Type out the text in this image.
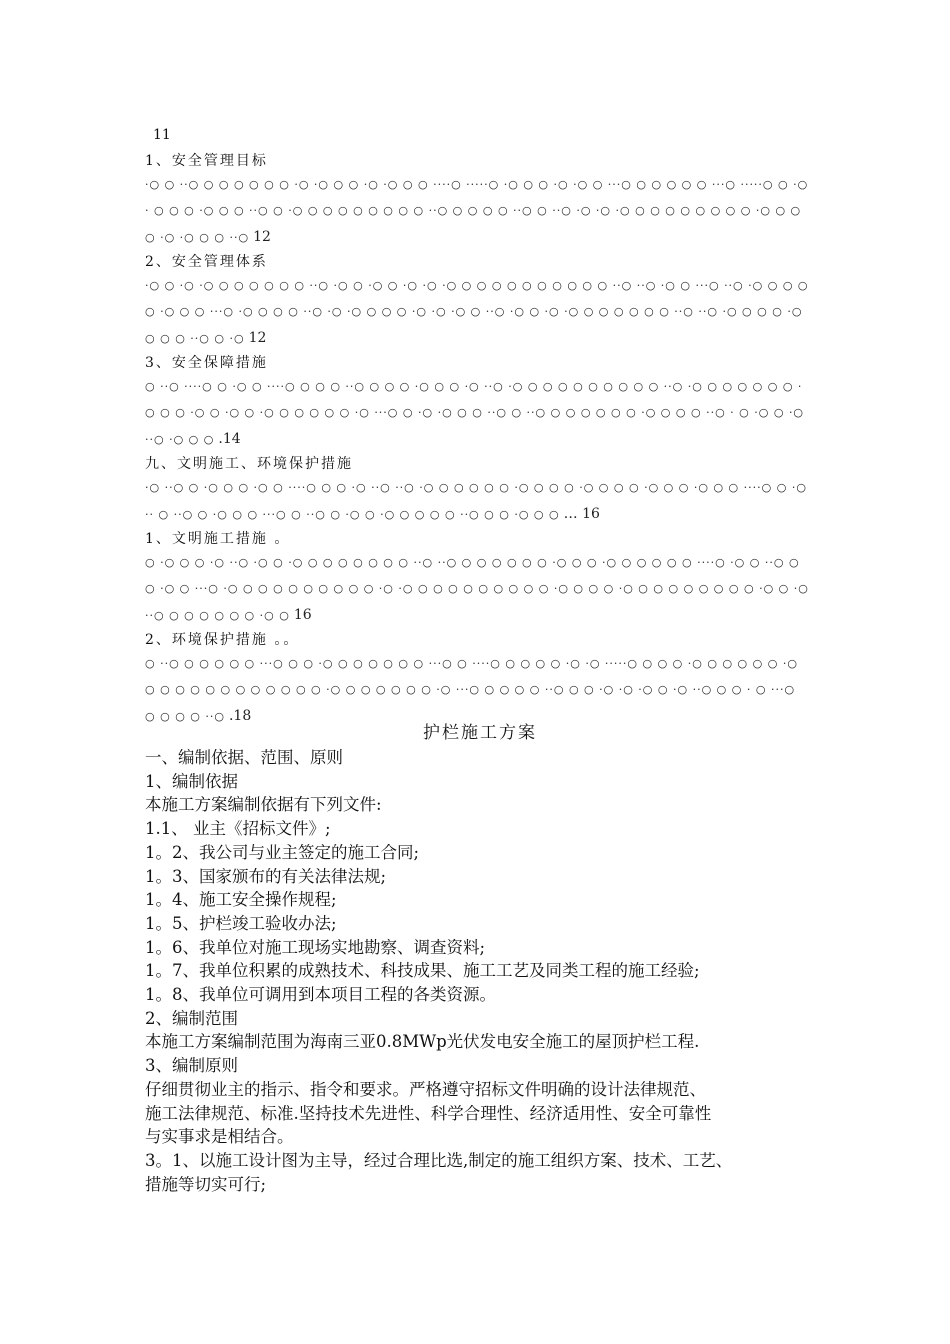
11
1、安全管理目标

·○ ○ ··○ ○ ○ ○ ○ ○ ○ ·○ ·○ ○ ○ ·○ ·○ ○ ○ ····○ ·····○ ·○ ○ ○ ·○ ·○ ○ ···○ ○ ○ ○ ○ ○ ···○ ·····○ ○ ·○ · ○ ○ ○ ·○ ○ ○ ··○ ○ ·○ ○ ○ ○ ○ ○ ○ ○ ○ ··○ ○ ○ ○ ○ ··○ ○ ··○ ·○ ·○ ·○ ○ ○ ○ ○ ○ ○ ○ ○ ·○ ○ ○ ○ ·○ ·○ ○ ○ ··○ 12

2、安全管理体系

·○ ○ ·○ ·○ ○ ○ ○ ○ ○ ○ ··○ ·○ ○ ·○ ○ ·○ ·○ ·○ ○ ○ ○ ○ ○ ○ ○ ○ ○ ○ ··○ ··○ ·○ ○ ···○ ··○ ·○ ○ ○ ○ ○ ·○ ○ ○ ···○ ·○ ○ ○ ○ ··○ ·○ ·○ ○ ○ ○ ·○ ·○ ·○ ○ ··○ ·○ ○ ·○ ·○ ○ ○ ○ ○ ○ ○ ··○ ··○ ·○ ○ ○ ○ ·○ ○ ○ ○ ··○ ○ ·○ 12

3、安全保障措施

○ ··○ ····○ ○ ·○ ○ ····○ ○ ○ ○ ··○ ○ ○ ○ ·○ ○ ○ ·○ ··○ ·○ ○ ○ ○ ○ ○ ○ ○ ○ ○ ··○ ·○ ○ ○ ○ ○ ○ ○ ·○ ○ ○ ·○ ○ ·○ ○ ·○ ○ ○ ○ ○ ○ ·○ ···○ ○ ·○ ·○ ○ ○ ··○ ○ ··○ ○ ○ ○ ○ ○ ○ ·○ ○ ○ ○ ··○ · ○ ·○ ○ ·○ ··○ ·○ ○ ○ .14

九、文明施工、环境保护措施

·○ ··○ ○ ·○ ○ ○ ·○ ○ ····○ ○ ○ ·○ ··○ ··○ ·○ ○ ○ ○ ○ ○ ·○ ○ ○ ○ ·○ ○ ○ ○ ·○ ○ ○ ·○ ○ ○ ····○ ○ ·○ ·· ○ ··○ ○ ·○ ○ ○ ···○ ○ ··○ ○ ·○ ○ ·○ ○ ○ ○ ○ ··○ ○ ○ ·○ ○ ○ … 16

1、文明施工措施 。

○ ·○ ○ ○ ·○ ··○ ·○ ○ ·○ ○ ○ ○ ○ ○ ○ ○ ··○ ··○ ○ ○ ○ ○ ○ ○ ·○ ○ ○ ·○ ○ ○ ○ ○ ○ ····○ ·○ ○ ··○ ○ ○ ·○ ○ ···○ ·○ ○ ○ ○ ○ ○ ○ ○ ○ ○ ·○ ·○ ○ ○ ○ ○ ○ ○ ○ ○ ○ ·○ ○ ○ ○ ·○ ○ ○ ○ ○ ○ ○ ○ ○ ·○ ○ ·○ ··○ ○ ○ ○ ○ ○ ○ ·○ ○ 16

2、环境保护措施 。。

○ ··○ ○ ○ ○ ○ ○ ···○ ○ ○ ·○ ○ ○ ○ ○ ○ ○ ···○ ○ ····○ ○ ○ ○ ○ ·○ ·○ ·····○ ○ ○ ○ ·○ ○ ○ ○ ○ ○ ·○ ○ ○ ○ ○ ○ ○ ○ ○ ○ ○ ○ ○ ·○ ○ ○ ○ ○ ○ ○ ·○ ···○ ○ ○ ○ ○ ··○ ○ ○ ·○ ·○ ·○ ○ ·○ ··○ ○ ○ · ○ ···○ ○ ○ ○ ○ ··○ .18

护栏施工方案

一、编制依据、范围、原则

1、编制依据

本施工方案编制依据有下列文件:

1.1、 业主《招标文件》;

1。2、我公司与业主签定的施工合同;

1。3、国家颁布的有关法律法规;

1。4、施工安全操作规程;

1。5、护栏竣工验收办法;

1。6、我单位对施工现场实地勘察、调查资料;

1。7、我单位积累的成熟技术、科技成果、施工工艺及同类工程的施工经验;

1。8、我单位可调用到本项目工程的各类资源。

2、编制范围

本施工方案编制范围为海南三亚0.8MWp光伏发电安全施工的屋顶护栏工程.

3、编制原则

仔细贯彻业主的指示、指令和要求。严格遵守招标文件明确的设计法律规范、

施工法律规范、标准.坚持技术先进性、科学合理性、经济适用性、安全可靠性

与实事求是相结合。

3。1、以施工设计图为主导，经过合理比选,制定的施工组织方案、技术、工艺、

措施等切实可行;
